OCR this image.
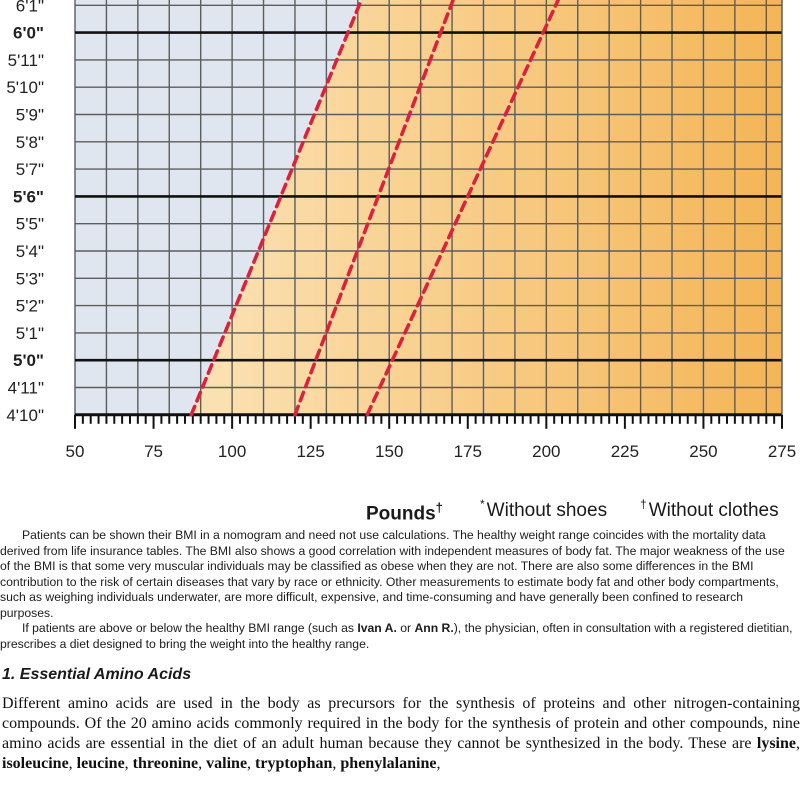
6'1"
6'0"
5'11"
5'10"
5'9"
5'8"
5'7"
5'6"
5'5"
5'4"
5'3"
5'2"
5'1"
5'0"
4'11"
4'10"
50	75	100	125	150	175	200	225	250	275
Pounds†	* Without shoes	† Without clothes

Patients can be shown their BMI in a nomogram and need not use calculations. The healthy weight range coincides with the mortality data derived from life insurance tables. The BMI also shows a good correlation with independent measures of body fat. The major weakness of the use of the BMI is that some very muscular individuals may be classified as obese when they are not. There are also some differences in the BMI contribution to the risk of certain diseases that vary by race or ethnicity. Other measurements to estimate body fat and other body compartments, such as weighing individuals underwater, are more difficult, expensive, and time-consuming and have generally been confined to research purposes.

If patients are above or below the healthy BMI range (such as Ivan A. or Ann R.), the physician, often in consultation with a registered dietitian, prescribes a diet designed to bring the weight into the healthy range.

1. Essential Amino Acids

Different amino acids are used in the body as precursors for the synthesis of proteins and other nitrogen-containing compounds. Of the 20 amino acids commonly required in the body for the synthesis of protein and other compounds, nine amino acids are essential in the diet of an adult human because they cannot be synthesized in the body. These are lysine, isoleucine, leucine, threonine, valine, tryptophan, phenylalanine,
